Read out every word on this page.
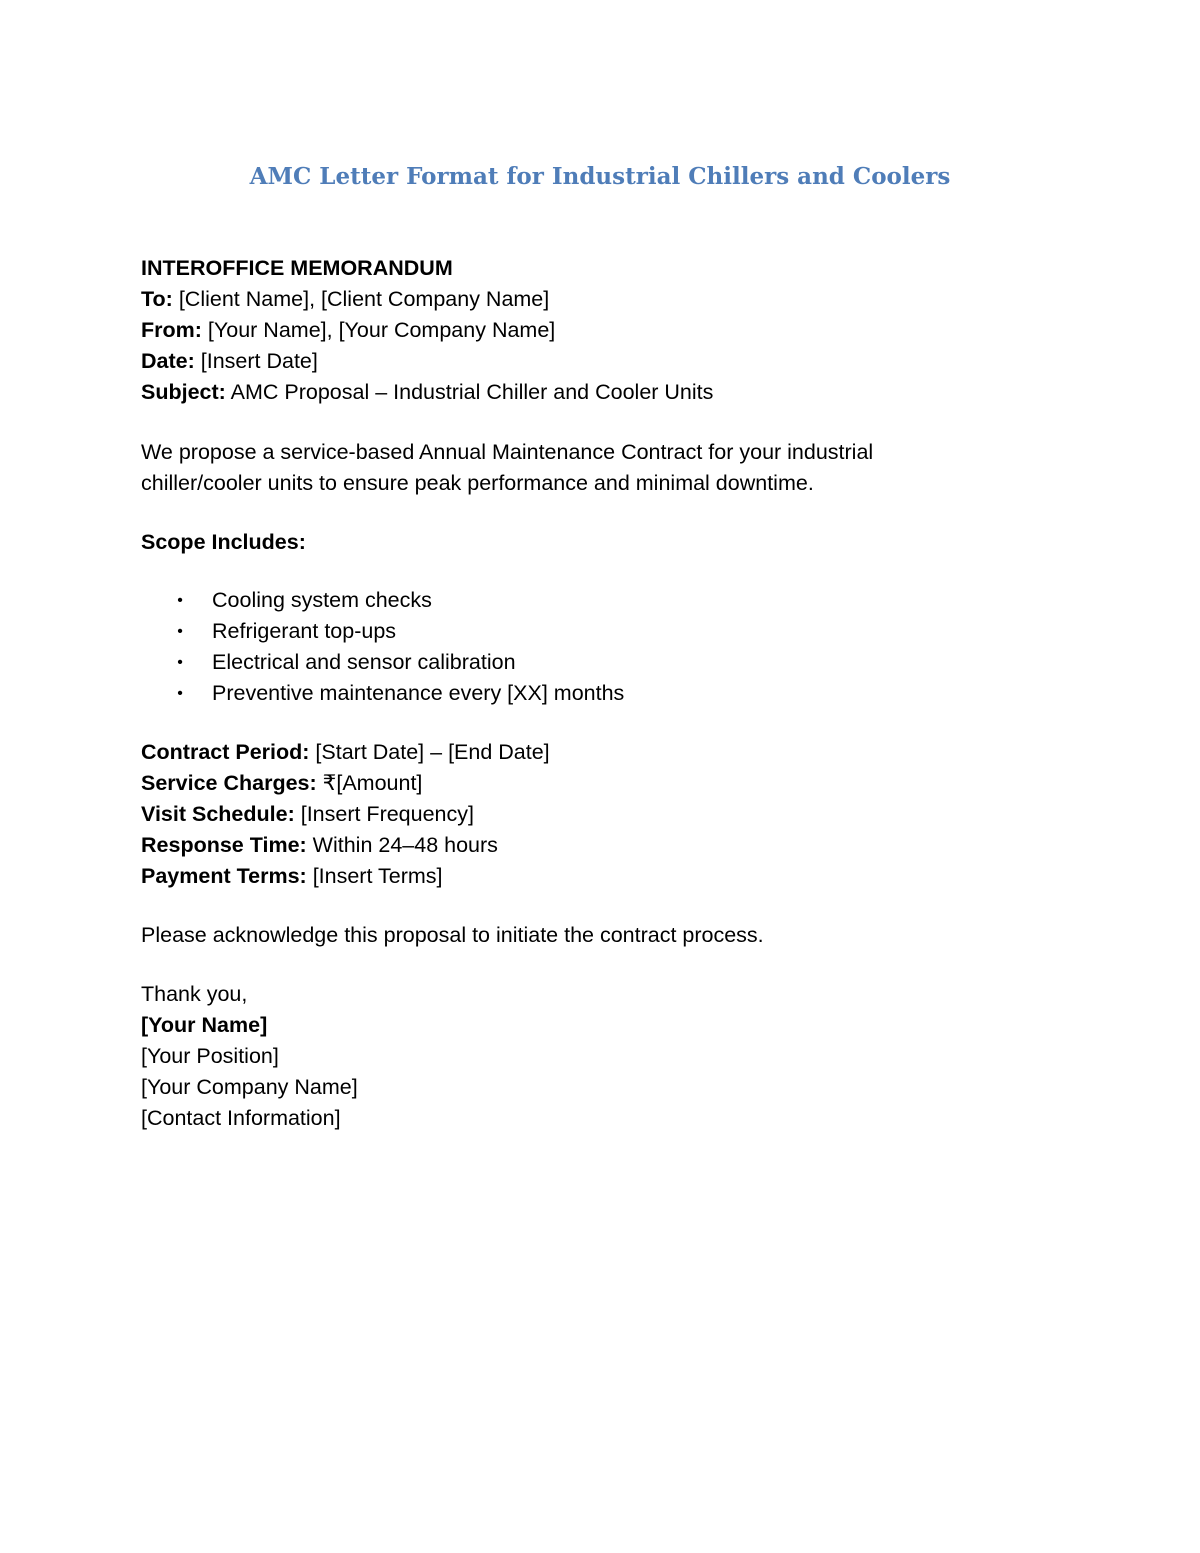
AMC Letter Format for Industrial Chillers and Coolers
INTEROFFICE MEMORANDUM
To: [Client Name], [Client Company Name]
From: [Your Name], [Your Company Name]
Date: [Insert Date]
Subject: AMC Proposal – Industrial Chiller and Cooler Units
We propose a service-based Annual Maintenance Contract for your industrial
chiller/cooler units to ensure peak performance and minimal downtime.
Scope Includes:
• Cooling system checks
• Refrigerant top-ups
• Electrical and sensor calibration
• Preventive maintenance every [XX] months
Contract Period: [Start Date] – [End Date]
Service Charges: ₹[Amount]
Visit Schedule: [Insert Frequency]
Response Time: Within 24–48 hours
Payment Terms: [Insert Terms]
Please acknowledge this proposal to initiate the contract process.
Thank you,
[Your Name]
[Your Position]
[Your Company Name]
[Contact Information]
